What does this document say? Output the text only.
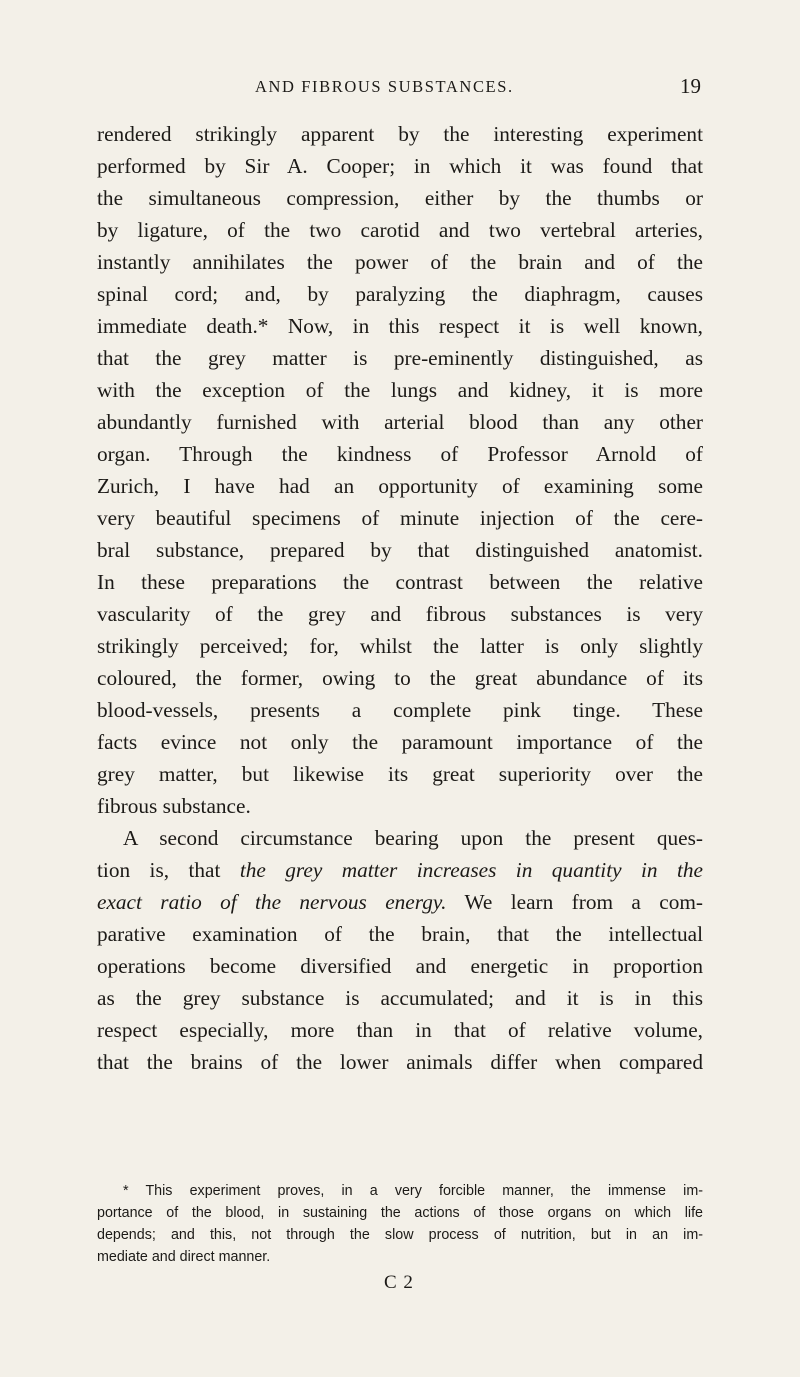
AND FIBROUS SUBSTANCES.	19
rendered strikingly apparent by the interesting experiment
performed by Sir A. Cooper; in which it was found that
the simultaneous compression, either by the thumbs or
by ligature, of the two carotid and two vertebral arteries,
instantly annihilates the power of the brain and of the
spinal cord; and, by paralyzing the diaphragm, causes
immediate death.* Now, in this respect it is well known,
that the grey matter is pre-eminently distinguished, as
with the exception of the lungs and kidney, it is more
abundantly furnished with arterial blood than any other
organ. Through the kindness of Professor Arnold of
Zurich, I have had an opportunity of examining some
very beautiful specimens of minute injection of the cere-
bral substance, prepared by that distinguished anatomist.
In these preparations the contrast between the relative
vascularity of the grey and fibrous substances is very
strikingly perceived; for, whilst the latter is only slightly
coloured, the former, owing to the great abundance of its
blood-vessels, presents a complete pink tinge. These
facts evince not only the paramount importance of the
grey matter, but likewise its great superiority over the
fibrous substance.
A second circumstance bearing upon the present ques-
tion is, that the grey matter increases in quantity in the
exact ratio of the nervous energy. We learn from a com-
parative examination of the brain, that the intellectual
operations become diversified and energetic in proportion
as the grey substance is accumulated; and it is in this
respect especially, more than in that of relative volume,
that the brains of the lower animals differ when compared
* This experiment proves, in a very forcible manner, the immense im-
portance of the blood, in sustaining the actions of those organs on which life
depends; and this, not through the slow process of nutrition, but in an im-
mediate and direct manner.
C 2
